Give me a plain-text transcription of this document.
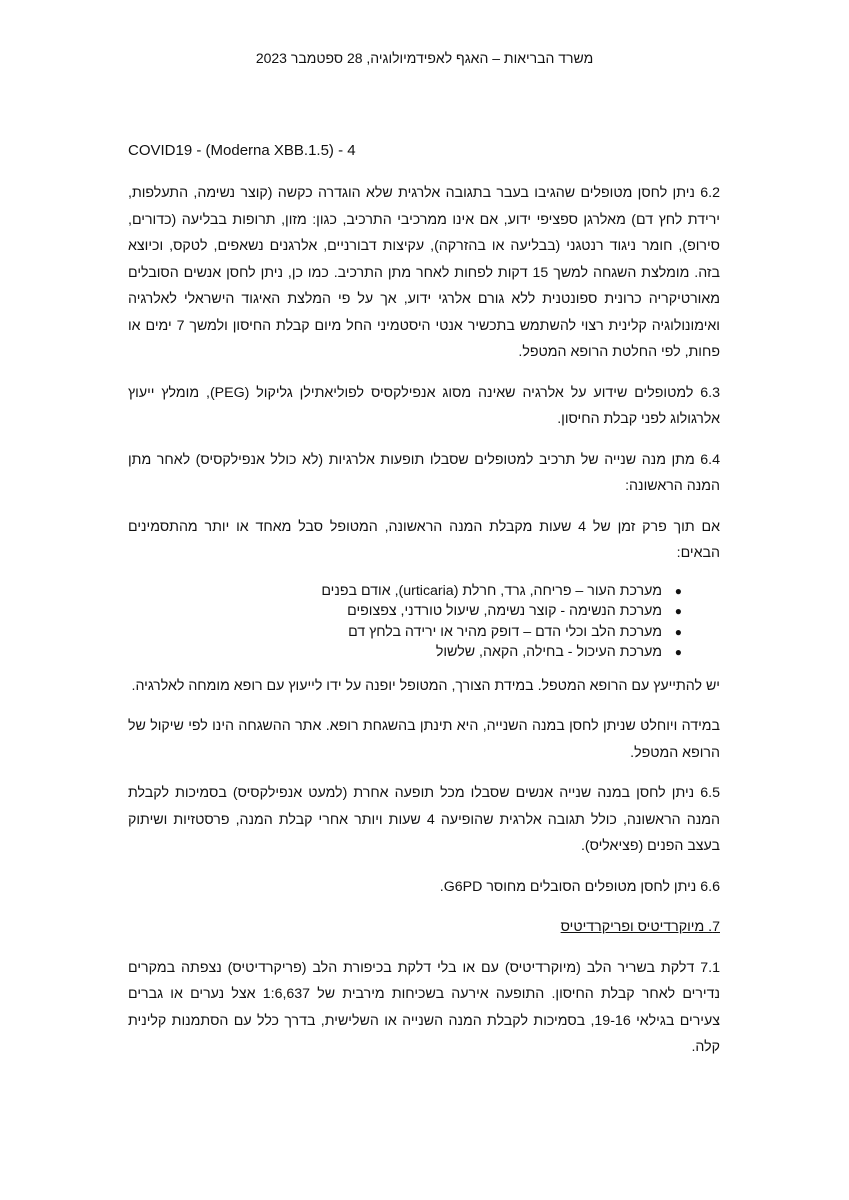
משרד הבריאות – האגף לאפידמיולוגיה, 28 ספטמבר 2023
COVID19 - (Moderna XBB.1.5) - 4

6.2 ניתן לחסן מטופלים שהגיבו בעבר בתגובה אלרגית שלא הוגדרה כקשה (קוצר נשימה, התעלפות, ירידת לחץ דם) מאלרגן ספציפי ידוע, אם אינו ממרכיבי התרכיב, כגון: מזון, תרופות בבליעה (כדורים, סירופ), חומר ניגוד רנטגני (בבליעה או בהזרקה), עקיצות דבורניים, אלרגנים נשאפים, לטקס, וכיוצא בזה. מומלצת השגחה למשך 15 דקות לפחות לאחר מתן התרכיב. כמו כן, ניתן לחסן אנשים הסובלים מאורטיקריה כרונית ספונטנית ללא גורם אלרגי ידוע, אך על פי המלצת האיגוד הישראלי לאלרגיה ואימונולוגיה קלינית רצוי להשתמש בתכשיר אנטי היסטמיני החל מיום קבלת החיסון ולמשך 7 ימים או פחות, לפי החלטת הרופא המטפל.

6.3 למטופלים שידוע על אלרגיה שאינה מסוג אנפילקסיס לפוליאתילן גליקול (PEG), מומלץ ייעוץ אלרגולוג לפני קבלת החיסון.

6.4 מתן מנה שנייה של תרכיב למטופלים שסבלו תופעות אלרגיות (לא כולל אנפילקסיס) לאחר מתן המנה הראשונה:

אם תוך פרק זמן של 4 שעות מקבלת המנה הראשונה, המטופל סבל מאחד או יותר מהתסמינים הבאים:

●
מערכת העור – פריחה, גרד, חרלת (urticaria), אודם בפנים
●
מערכת הנשימה - קוצר נשימה, שיעול טורדני, צפצופים
●
מערכת הלב וכלי הדם – דופק מהיר או ירידה בלחץ דם
●
מערכת העיכול - בחילה, הקאה, שלשול

יש להתייעץ עם הרופא המטפל. במידת הצורך, המטופל יופנה על ידו לייעוץ עם רופא מומחה לאלרגיה.

במידה ויוחלט שניתן לחסן במנה השנייה, היא תינתן בהשגחת רופא. אתר ההשגחה הינו לפי שיקול של הרופא המטפל.

6.5 ניתן לחסן במנה שנייה אנשים שסבלו מכל תופעה אחרת (למעט אנפילקסיס) בסמיכות לקבלת המנה הראשונה, כולל תגובה אלרגית שהופיעה 4 שעות ויותר אחרי קבלת המנה, פרסטזיות ושיתוק בעצב הפנים (פציאליס).

6.6 ניתן לחסן מטופלים הסובלים מחוסר G6PD.

7. מיוקרדיטיס ופריקרדיטיס

7.1 דלקת בשריר הלב (מיוקרדיטיס) עם או בלי דלקת בכיפורת הלב (פריקרדיטיס) נצפתה במקרים נדירים לאחר קבלת החיסון. התופעה אירעה בשכיחות מירבית של 1:6,637 אצל נערים או גברים צעירים בגילאי 19-16, בסמיכות לקבלת המנה השנייה או השלישית, בדרך כלל עם הסתמנות קלינית קלה.
